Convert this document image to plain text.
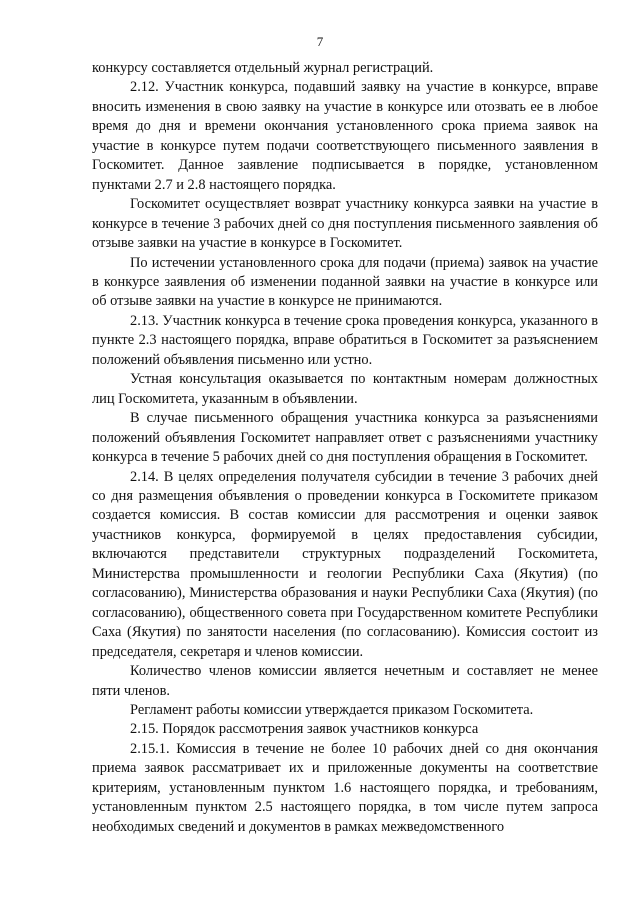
7

конкурсу составляется отдельный журнал регистраций.

2.12. Участник конкурса, подавший заявку на участие в конкурсе, вправе вносить изменения в свою заявку на участие в конкурсе или отозвать ее в любое время до дня и времени окончания установленного срока приема заявок на участие в конкурсе путем подачи соответствующего письменного заявления в Госкомитет. Данное заявление подписывается в порядке, установленном пунктами 2.7 и 2.8 настоящего порядка.

Госкомитет осуществляет возврат участнику конкурса заявки на участие в конкурсе в течение 3 рабочих дней со дня поступления письменного заявления об отзыве заявки на участие в конкурсе в Госкомитет.

По истечении установленного срока для подачи (приема) заявок на участие в конкурсе заявления об изменении поданной заявки на участие в конкурсе или об отзыве заявки на участие в конкурсе не принимаются.

2.13. Участник конкурса в течение срока проведения конкурса, указанного в пункте 2.3 настоящего порядка, вправе обратиться в Госкомитет за разъяснением положений объявления письменно или устно.

Устная консультация оказывается по контактным номерам должностных лиц Госкомитета, указанным в объявлении.

В случае письменного обращения участника конкурса за разъяснениями положений объявления Госкомитет направляет ответ с разъяснениями участнику конкурса в течение 5 рабочих дней со дня поступления обращения в Госкомитет.

2.14. В целях определения получателя субсидии в течение 3 рабочих дней со дня размещения объявления о проведении конкурса в Госкомитете приказом создается комиссия. В состав комиссии для рассмотрения и оценки заявок участников конкурса, формируемой в целях предоставления субсидии, включаются представители структурных подразделений Госкомитета, Министерства промышленности и геологии Республики Саха (Якутия) (по согласованию), Министерства образования и науки Республики Саха (Якутия) (по согласованию), общественного совета при Государственном комитете Республики Саха (Якутия) по занятости населения (по согласованию). Комиссия состоит из председателя, секретаря и членов комиссии.

Количество членов комиссии является нечетным и составляет не менее пяти членов.

Регламент работы комиссии утверждается приказом Госкомитета.

2.15. Порядок рассмотрения заявок участников конкурса

2.15.1. Комиссия в течение не более 10 рабочих дней со дня окончания приема заявок рассматривает их и приложенные документы на соответствие критериям, установленным пунктом 1.6 настоящего порядка, и требованиям, установленным пунктом 2.5 настоящего порядка, в том числе путем запроса необходимых сведений и документов в рамках межведомственного
